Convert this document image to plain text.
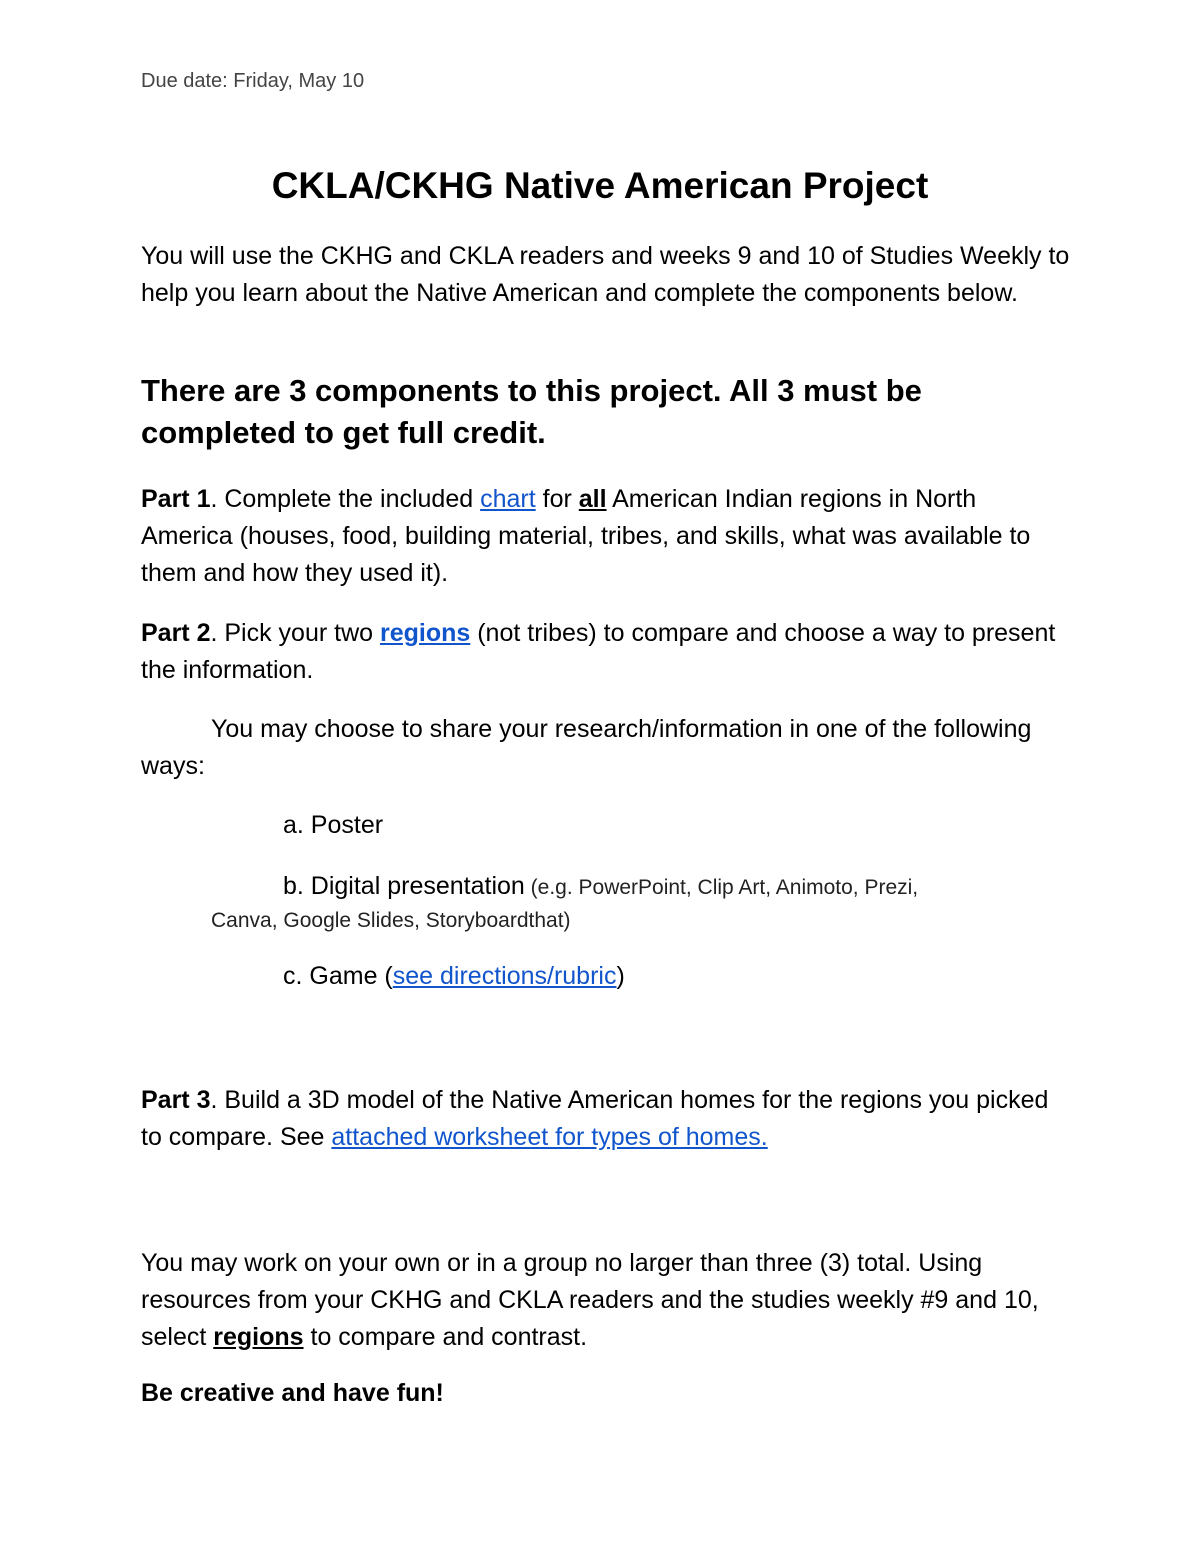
Due date: Friday, May 10

CKLA/CKHG Native American Project

You will use the CKHG and CKLA readers and weeks 9 and 10 of Studies Weekly to help you learn about the Native American and complete the components below.

There are 3 components to this project. All 3 must be completed to get full credit.

Part 1. Complete the included chart for all American Indian regions in North America (houses, food, building material, tribes, and skills, what was available to them and how they used it).

Part 2. Pick your two regions (not tribes) to compare and choose a way to present the information.

You may choose to share your research/information in one of the following ways:

a. Poster

b. Digital presentation (e.g. PowerPoint, Clip Art, Animoto, Prezi,
Canva, Google Slides, Storyboardthat)

c. Game (see directions/rubric)

Part 3. Build a 3D model of the Native American homes for the regions you picked to compare. See attached worksheet for types of homes.

You may work on your own or in a group no larger than three (3) total. Using resources from your CKHG and CKLA readers and the studies weekly #9 and 10, select regions to compare and contrast.

Be creative and have fun!
